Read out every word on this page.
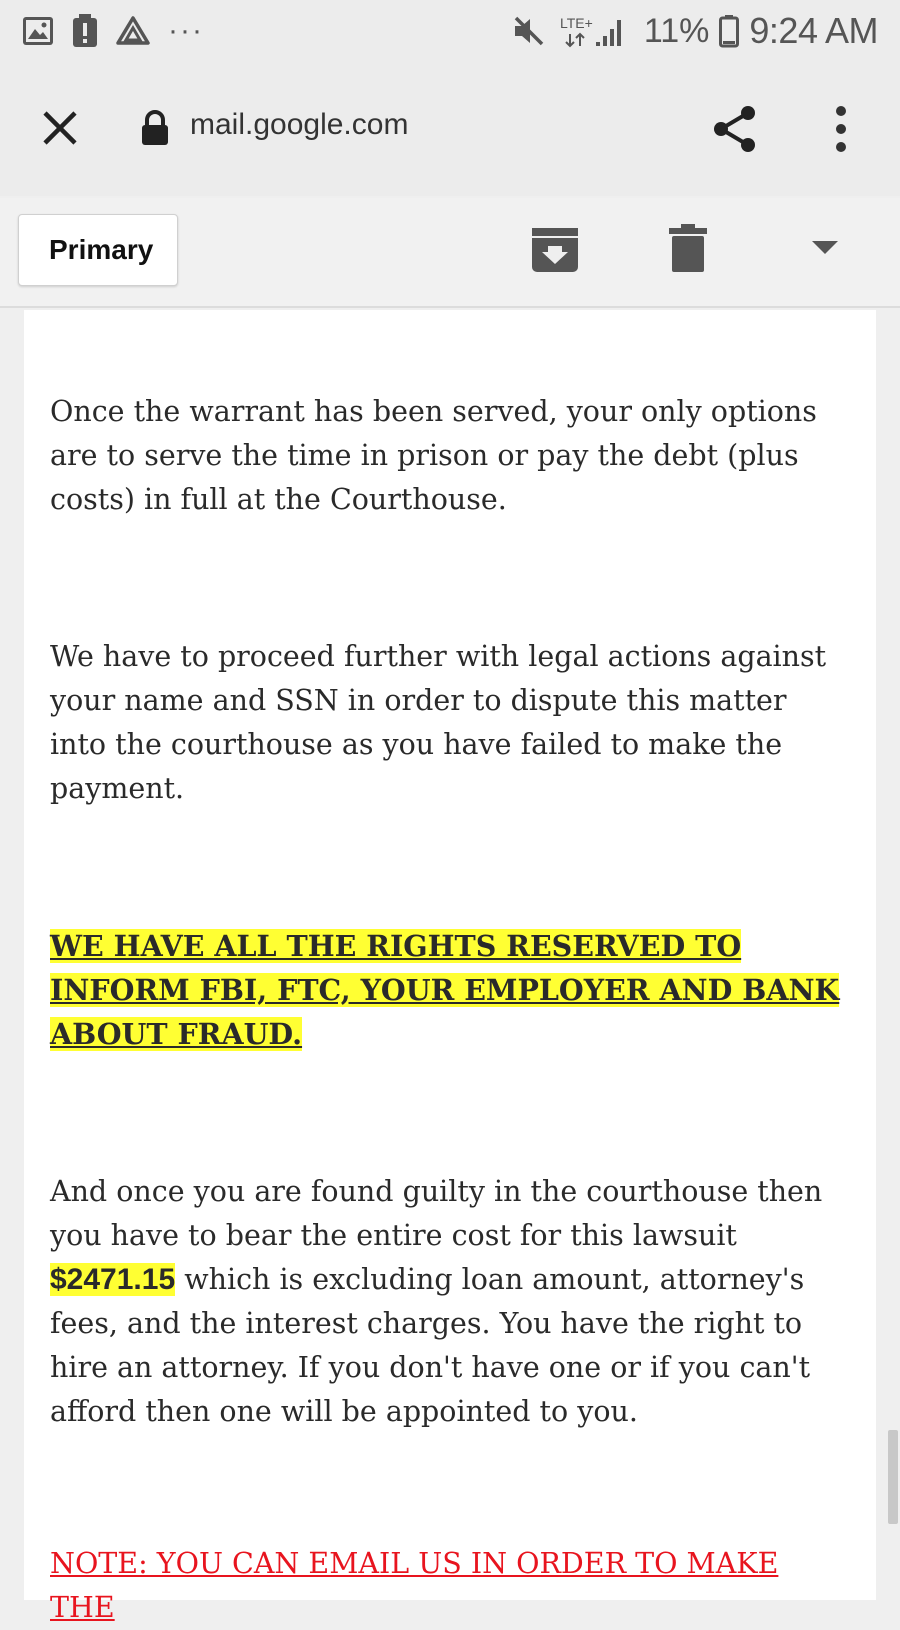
···	LTE+ 11% 9:24 AM
mail.google.com
Primary

Once the warrant has been served, your only options are to serve the time in prison or pay the debt (plus costs) in full at the Courthouse.

We have to proceed further with legal actions against your name and SSN in order to dispute this matter into the courthouse as you have failed to make the payment.

WE HAVE ALL THE RIGHTS RESERVED TO INFORM FBI, FTC, YOUR EMPLOYER AND BANK ABOUT FRAUD.

And once you are found guilty in the courthouse then you have to bear the entire cost for this lawsuit $2471.15 which is excluding loan amount, attorney's fees, and the interest charges. You have the right to hire an attorney. If you don't have one or if you can't afford then one will be appointed to you.

NOTE: YOU CAN EMAIL US IN ORDER TO MAKE THE
